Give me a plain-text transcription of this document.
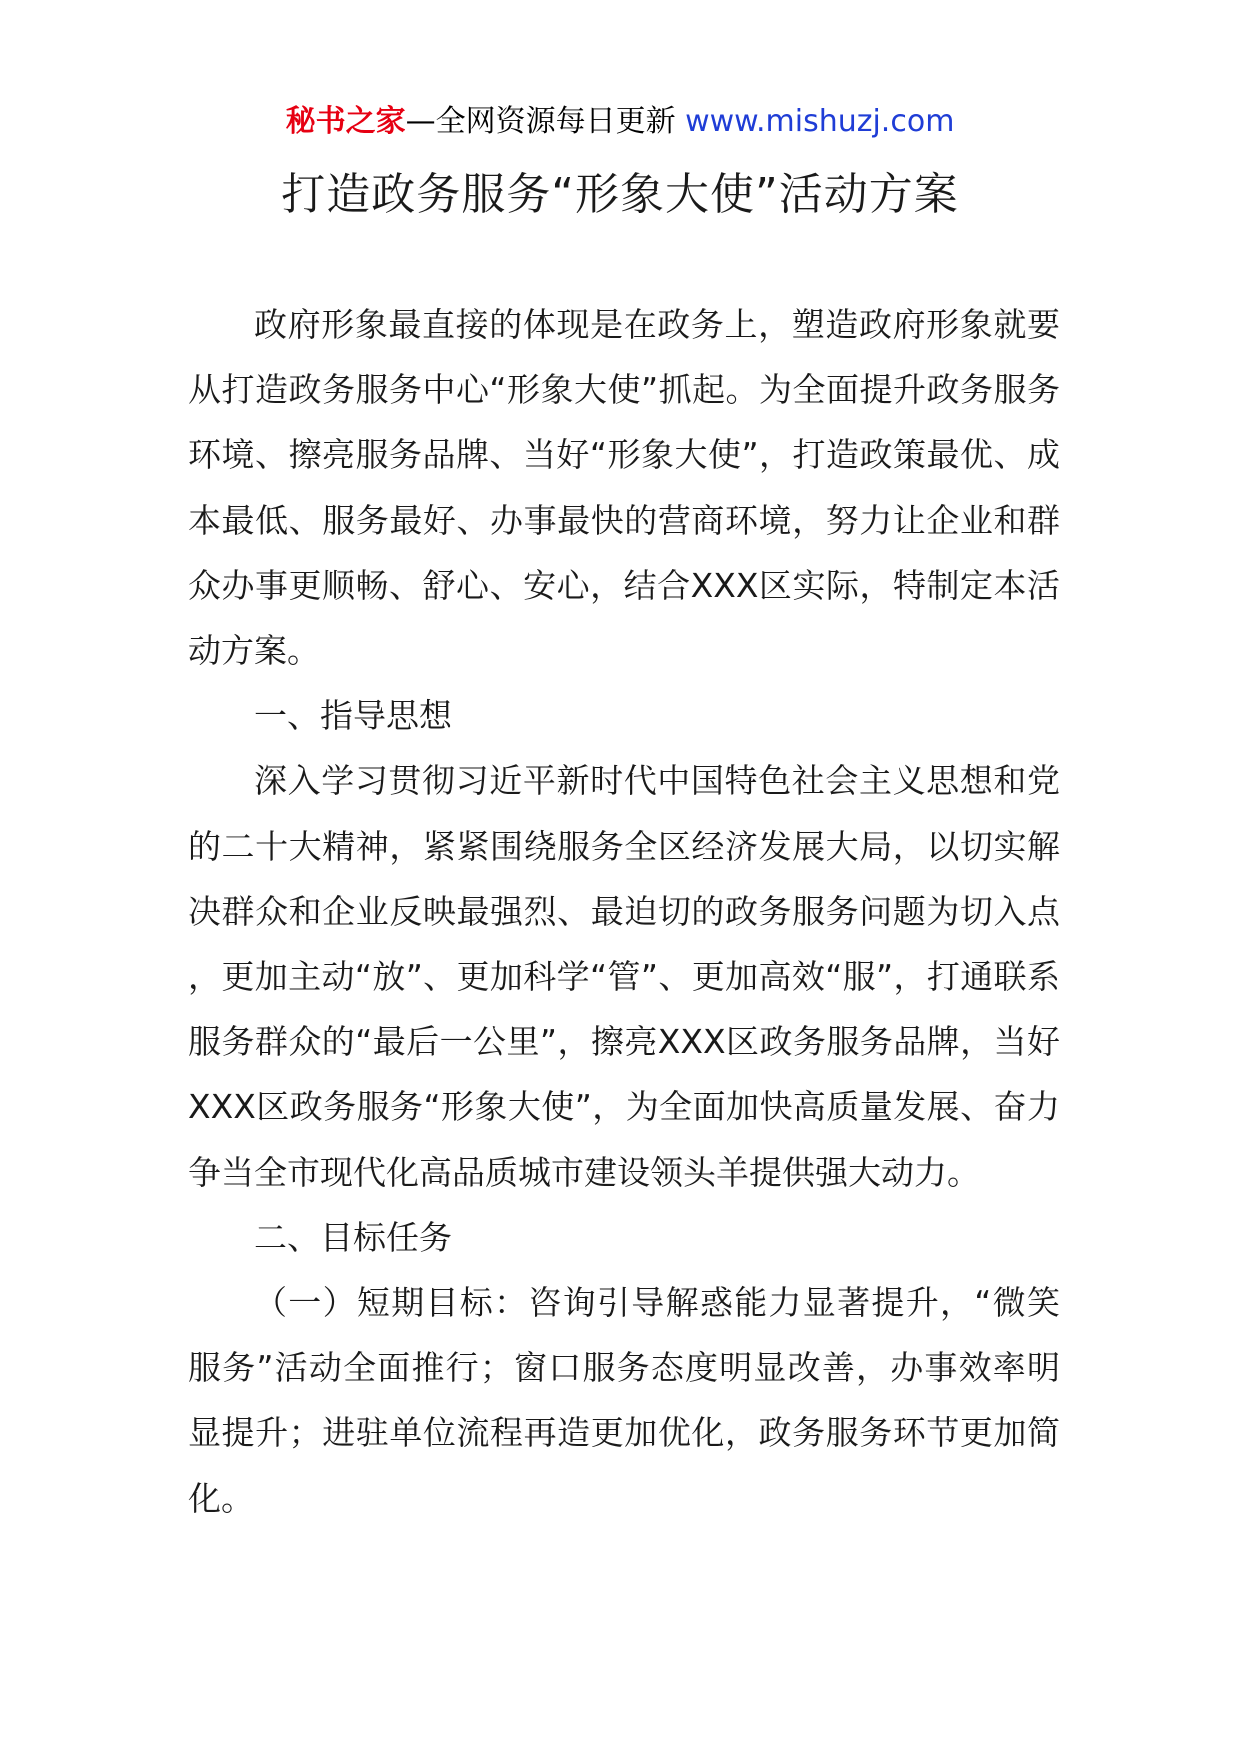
秘书之家—全网资源每日更新 www.mishuzj.com
打造政务服务“形象大使”活动方案

政府形象最直接的体现是在政务上，塑造政府形象就要从打造政务服务中心“形象大使”抓起。为全面提升政务服务环境、擦亮服务品牌、当好“形象大使”，打造政策最优、成本最低、服务最好、办事最快的营商环境，努力让企业和群众办事更顺畅、舒心、安心，结合XXX区实际，特制定本活动方案。

一、指导思想

深入学习贯彻习近平新时代中国特色社会主义思想和党的二十大精神，紧紧围绕服务全区经济发展大局，以切实解决群众和企业反映最强烈、最迫切的政务服务问题为切入点，更加主动“放”、更加科学“管”、更加高效“服”，打通联系服务群众的“最后一公里”，擦亮XXX区政务服务品牌，当好XXX区政务服务“形象大使”，为全面加快高质量发展、奋力争当全市现代化高品质城市建设领头羊提供强大动力。

二、目标任务

（一）短期目标：咨询引导解惑能力显著提升，“微笑服务”活动全面推行；窗口服务态度明显改善，办事效率明显提升；进驻单位流程再造更加优化，政务服务环节更加简化。
